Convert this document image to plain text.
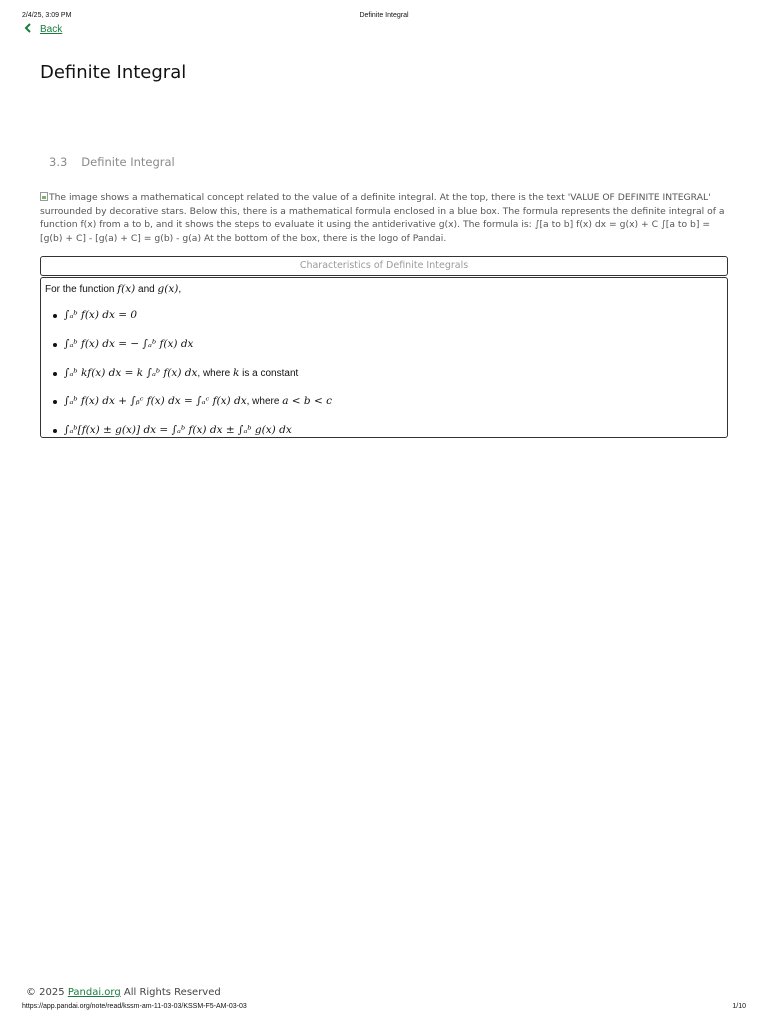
2/4/25, 3:09 PM	Definite Integral
Back
Definite Integral
3.3 Definite Integral
The image shows a mathematical concept related to the value of a definite integral. At the top, there is the text 'VALUE OF DEFINITE INTEGRAL' surrounded by decorative stars. Below this, there is a mathematical formula enclosed in a blue box. The formula represents the definite integral of a function f(x) from a to b, and it shows the steps to evaluate it using the antiderivative g(x). The formula is: ∫[a to b] f(x) dx = g(x) + C ∫[a to b] = [g(b) + C] - [g(a) + C] = g(b) - g(a) At the bottom of the box, there is the logo of Pandai.
Characteristics of Definite Integrals

For the function f(x) and g(x),

∫ₐᵇ f(x) dx = 0
∫ₐᵇ f(x) dx = − ∫ₐᵇ f(x) dx
∫ₐᵇ kf(x) dx = k ∫ₐᵇ f(x) dx, where k is a constant
∫ₐᵇ f(x) dx + ∫ᵦᶜ f(x) dx = ∫ₐᶜ f(x) dx, where a < b < c
∫ₐᵇ[f(x) ± g(x)] dx = ∫ₐᵇ f(x) dx ± ∫ₐᵇ g(x) dx
© 2025 Pandai.org All Rights Reserved
https://app.pandai.org/note/read/kssm-am-11-03-03/KSSM-F5-AM-03-03	1/10
